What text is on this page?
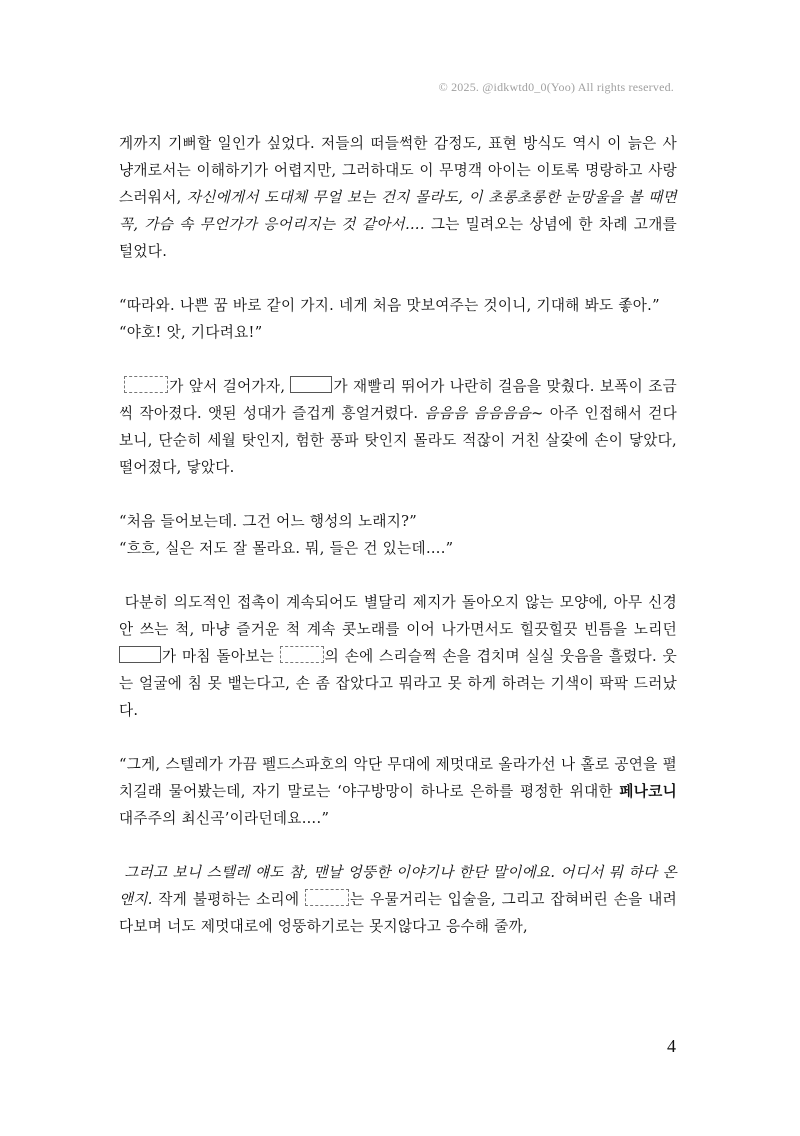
© 2025. @idkwtd0_0(Yoo) All rights reserved.

게까지 기뻐할 일인가 싶었다. 저들의 떠들썩한 감정도, 표현 방식도 역시 이 늙은 사냥개로서는 이해하기가 어렵지만, 그러하대도 이 무명객 아이는 이토록 명랑하고 사랑스러워서, 자신에게서 도대체 무얼 보는 건지 몰라도, 이 초롱초롱한 눈망울을 볼 때면 꼭, 가슴 속 무언가가 응어리지는 것 같아서…. 그는 밀려오는 상념에 한 차례 고개를 털었다.

“따라와. 나쁜 꿈 바로 같이 가지. 네게 처음 맛보여주는 것이니, 기대해 봐도 좋아.”

“야호! 앗, 기다려요!”

가 앞서 걸어가자,	가 재빨리 뛰어가 나란히 걸음을 맞췄다. 보폭이 조금씩 작아졌다. 앳된 성대가 즐겁게 흥얼거렸다. 음음음 음음음음~ 아주 인접해서 걷다 보니, 단순히 세월 탓인지, 험한 풍파 탓인지 몰라도 적잖이 거친 살갗에 손이 닿았다, 떨어졌다, 닿았다.

“처음 들어보는데. 그건 어느 행성의 노래지?”

“흐흐, 실은 저도 잘 몰라요. 뭐, 들은 건 있는데….”

다분히 의도적인 접촉이 계속되어도 별달리 제지가 돌아오지 않는 모양에, 아무 신경 안 쓰는 척, 마냥 즐거운 척 계속 콧노래를 이어 나가면서도 힐끗힐끗 빈틈을 노리던 가 마침 돌아보는	의 손에 스리슬쩍 손을 겹치며 실실 웃음을 흘렸다. 웃는 얼굴에 침 못 뱉는다고, 손 좀 잡았다고 뭐라고 못 하게 하려는 기색이 팍팍 드러났다.

“그게, 스텔레가 가끔 펠드스파호의 악단 무대에 제멋대로 올라가선 나 홀로 공연을 펼치길래 물어봤는데, 자기 말로는 ‘야구방망이 하나로 은하를 평정한 위대한 페나코니 대주주의 최신곡’이라던데요….”

그러고 보니 스텔레 얘도 참, 맨날 엉뚱한 이야기나 한단 말이에요. 어디서 뭐 하다 온 앤지. 작게 불평하는 소리에	는 우물거리는 입술을, 그리고 잡혀버린 손을 내려다보며 너도 제멋대로에 엉뚱하기로는 못지않다고 응수해 줄까,

4
